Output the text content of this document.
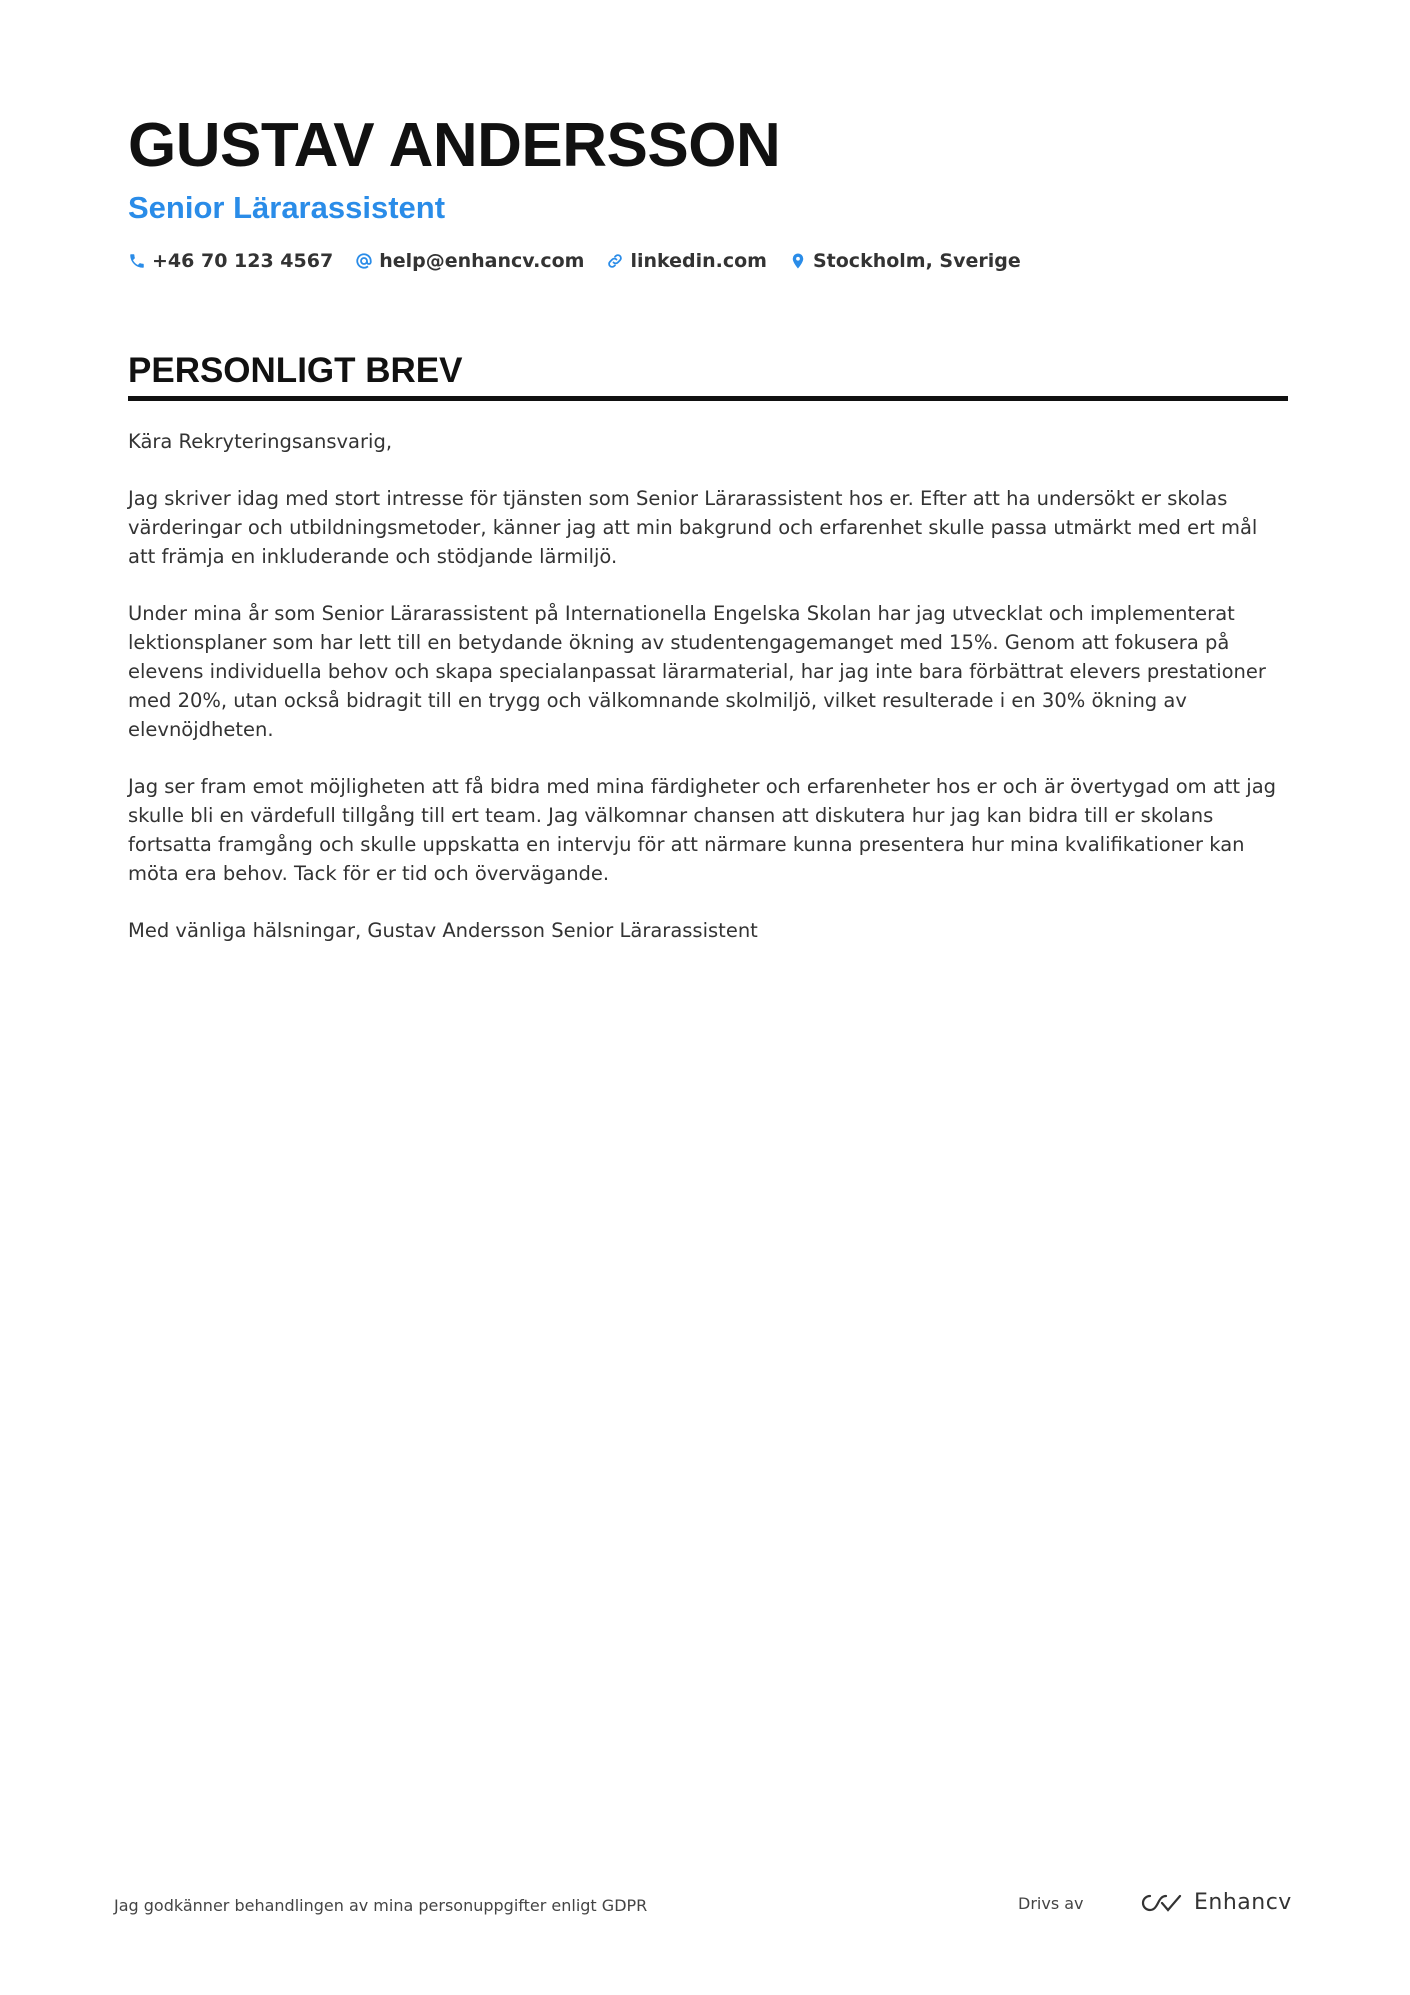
GUSTAV ANDERSSON
Senior Lärarassistent
+46 70 123 4567 help@enhancv.com linkedin.com Stockholm, Sverige
PERSONLIGT BREV

Kära Rekryteringsansvarig,

Jag skriver idag med stort intresse för tjänsten som Senior Lärarassistent hos er. Efter att ha undersökt er skolas värderingar och utbildningsmetoder, känner jag att min bakgrund och erfarenhet skulle passa utmärkt med ert mål att främja en inkluderande och stödjande lärmiljö.

Under mina år som Senior Lärarassistent på Internationella Engelska Skolan har jag utvecklat och implementerat lektionsplaner som har lett till en betydande ökning av studentengagemanget med 15%. Genom att fokusera på elevens individuella behov och skapa specialanpassat lärarmaterial, har jag inte bara förbättrat elevers prestationer med 20%, utan också bidragit till en trygg och välkomnande skolmiljö, vilket resulterade i en 30% ökning av elevnöjdheten.

Jag ser fram emot möjligheten att få bidra med mina färdigheter och erfarenheter hos er och är övertygad om att jag skulle bli en värdefull tillgång till ert team. Jag välkomnar chansen att diskutera hur jag kan bidra till er skolans fortsatta framgång och skulle uppskatta en intervju för att närmare kunna presentera hur mina kvalifikationer kan möta era behov. Tack för er tid och övervägande.

Med vänliga hälsningar, Gustav Andersson Senior Lärarassistent

Jag godkänner behandlingen av mina personuppgifter enligt GDPR	Drivs av	Enhancv
